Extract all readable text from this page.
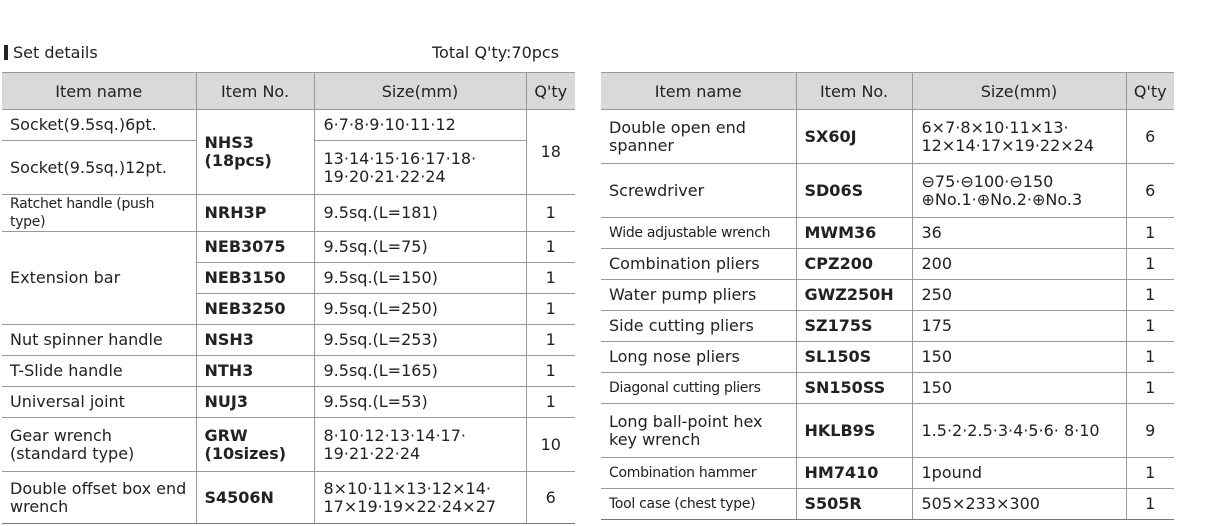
Set details	Total Q'ty:70pcs
Item name	Item No.	Size(mm)	Q'ty
Socket(9.5sq.)6pt.	NHS3 (18pcs)	6·7·8·9·10·11·12	18
Socket(9.5sq.)12pt.		13·14·15·16·17·18· 19·20·21·22·24	
Ratchet handle (push type)	NRH3P	9.5sq.(L=181)	1
Extension bar	NEB3075	9.5sq.(L=75)	1
	NEB3150	9.5sq.(L=150)	1
	NEB3250	9.5sq.(L=250)	1
Nut spinner handle	NSH3	9.5sq.(L=253)	1
T-Slide handle	NTH3	9.5sq.(L=165)	1
Universal joint	NUJ3	9.5sq.(L=53)	1
Gear wrench (standard type)	GRW (10sizes)	8·10·12·13·14·17· 19·21·22·24	10
Double offset box end wrench	S4506N	8×10·11×13·12×14· 17×19·19×22·24×27	6
Item name	Item No.	Size(mm)	Q'ty
Double open end spanner	SX60J	6×7·8×10·11×13· 12×14·17×19·22×24	6
Screwdriver	SD06S	⊖75·⊖100·⊖150 ⊕No.1·⊕No.2·⊕No.3	6
Wide adjustable wrench	MWM36	36	1
Combination pliers	CPZ200	200	1
Water pump pliers	GWZ250H	250	1
Side cutting pliers	SZ175S	175	1
Long nose pliers	SL150S	150	1
Diagonal cutting pliers	SN150SS	150	1
Long ball-point hex key wrench	HKLB9S	1.5·2·2.5·3·4·5·6· 8·10	9
Combination hammer	HM7410	1pound	1
Tool case (chest type)	S505R	505×233×300	1
